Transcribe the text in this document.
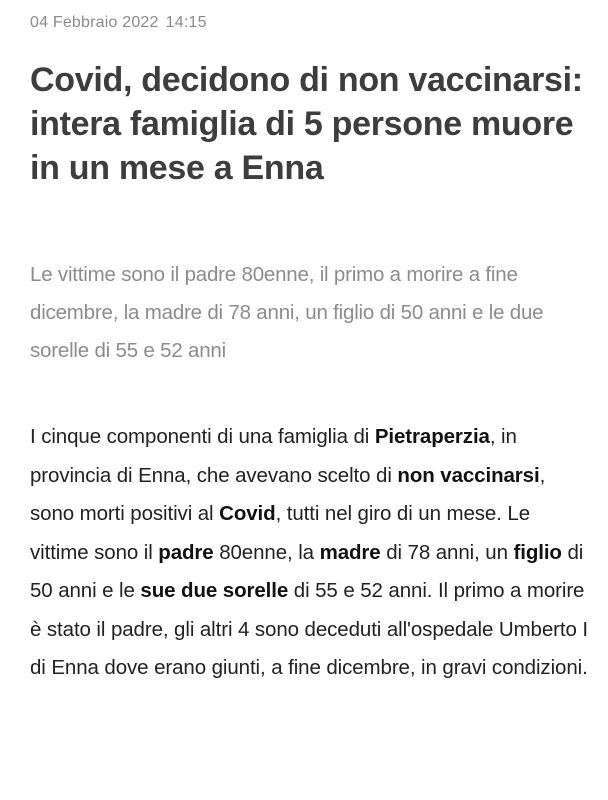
04 Febbraio 2022 14:15
Covid, decidono di non vaccinarsi: intera famiglia di 5 persone muore in un mese a Enna

Le vittime sono il padre 80enne, il primo a morire a fine dicembre, la madre di 78 anni, un figlio di 50 anni e le due sorelle di 55 e 52 anni

I cinque componenti di una famiglia di Pietraperzia, in provincia di Enna, che avevano scelto di non vaccinarsi, sono morti positivi al Covid, tutti nel giro di un mese. Le vittime sono il padre 80enne, la madre di 78 anni, un figlio di 50 anni e le sue due sorelle di 55 e 52 anni. Il primo a morire è stato il padre, gli altri 4 sono deceduti all'ospedale Umberto I di Enna dove erano giunti, a fine dicembre, in gravi condizioni.
